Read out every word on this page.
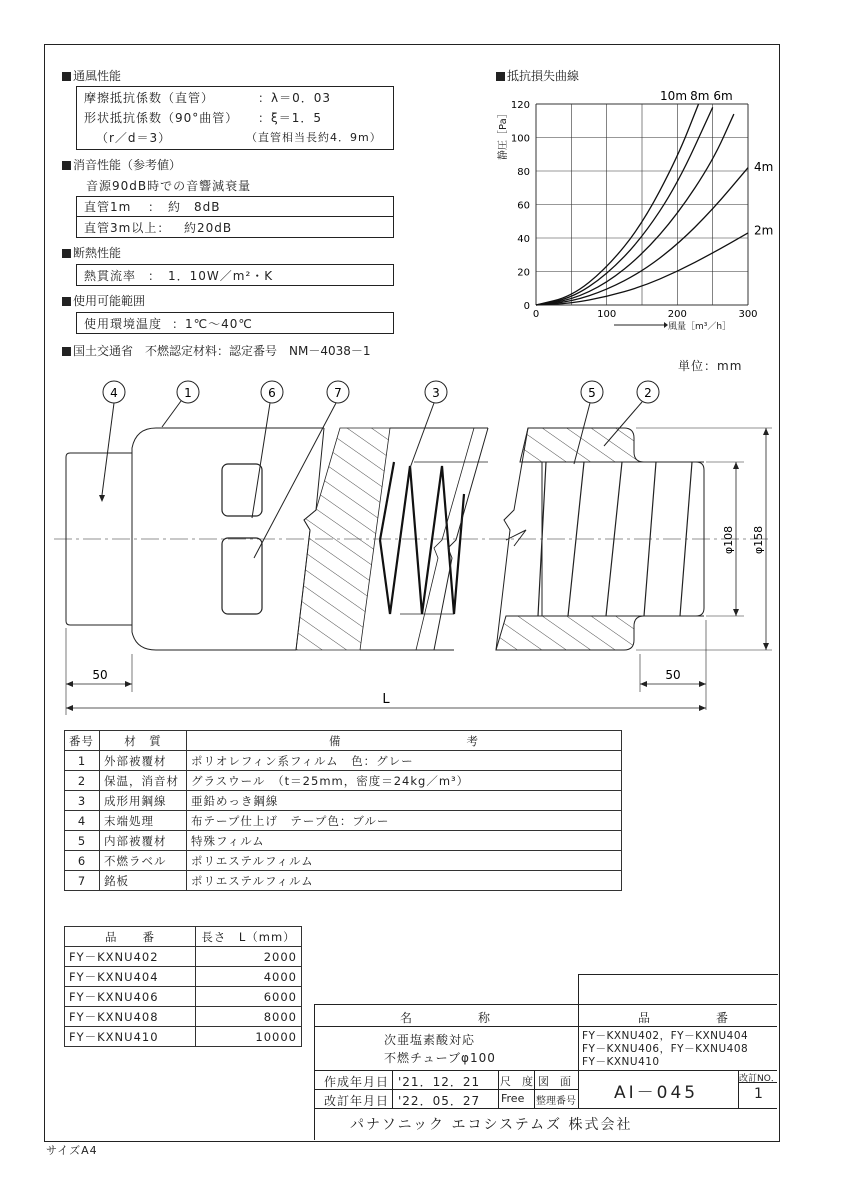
通風性能
摩擦抵抗係数（直管）	：λ＝0．03
形状抵抗係数（90°曲管） ：ξ＝1．5
（r／d＝3）	（直管相当長約4．9m）
消音性能（参考値）
音源90dB時での音響減衰量
直管1m ：　約　8dB
直管3m以上： 約20dB
断熱性能
熱貫流率 ：　1．10W／m²・K
使用可能範囲
使用環境温度 ：1℃～40℃
国土交通省　不燃認定材料：認定番号　NM－4038－1
抵抗損失曲線
0	100	200	300
0
20
40
60
80
100
120
10m 8m 6m
4m
2m
静圧［Pa］
風量［m³／h］
単位：mm
4	1	6	7	3	5	2
φ108 φ158
50	50
L
番号	材　質	備　　　　　　　　　　考
1	外部被覆材	ポリオレフィン系フィルム　色：グレー
2	保温，消音材	グラスウール　（t＝25mm，密度＝24kg／m³）
3	成形用鋼線	亜鉛めっき鋼線
4	末端処理	布テープ仕上げ　テープ色：ブルー
5	内部被覆材	特殊フィルム
6	不燃ラベル	ポリエステルフィルム
7	銘板	ポリエステルフィルム
品　　番	長さ　L（mm）
FY－KXNU402	2000
FY－KXNU404	4000
FY－KXNU406	6000
FY－KXNU408	8000
FY－KXNU410	10000
名　　　　　称	品　　　　　番
次亜塩素酸対応
不燃チューブφ100
FY－KXNU402，FY－KXNU404
FY－KXNU406，FY－KXNU408
FY－KXNU410
作成年月日 '21．12．21
改訂年月日 '22．05．27
尺　度
Free
図　面
整理番号 AI－045
改訂NO．
1
パナソニック エコシステムズ 株式会社
サイズA4
